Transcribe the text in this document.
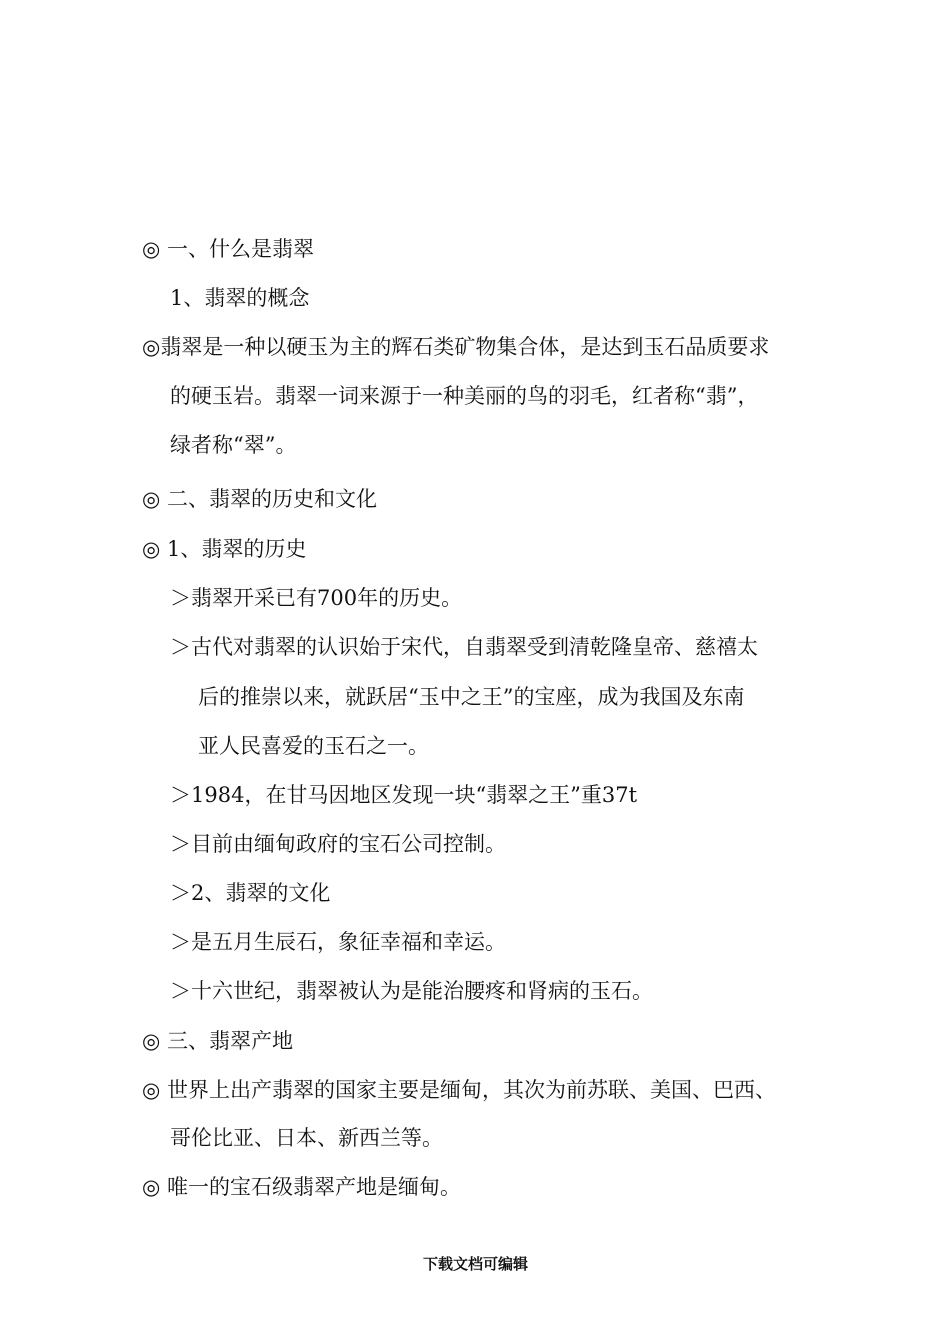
◎ 一、什么是翡翠
1、翡翠的概念
◎翡翠是一种以硬玉为主的辉石类矿物集合体，是达到玉石品质要求
的硬玉岩。翡翠一词来源于一种美丽的鸟的羽毛，红者称“翡”，
绿者称“翠”。
◎ 二、翡翠的历史和文化
◎ 1、翡翠的历史
＞翡翠开采已有700年的历史。
＞古代对翡翠的认识始于宋代，自翡翠受到清乾隆皇帝、慈禧太
后的推崇以来，就跃居“玉中之王”的宝座，成为我国及东南
亚人民喜爱的玉石之一。
＞1984，在甘马因地区发现一块“翡翠之王”重37t
＞目前由缅甸政府的宝石公司控制。
＞2、翡翠的文化
＞是五月生辰石，象征幸福和幸运。
＞十六世纪，翡翠被认为是能治腰疼和肾病的玉石。
◎ 三、翡翠产地
◎ 世界上出产翡翠的国家主要是缅甸，其次为前苏联、美国、巴西、
哥伦比亚、日本、新西兰等。
◎ 唯一的宝石级翡翠产地是缅甸。
下载文档可编辑
